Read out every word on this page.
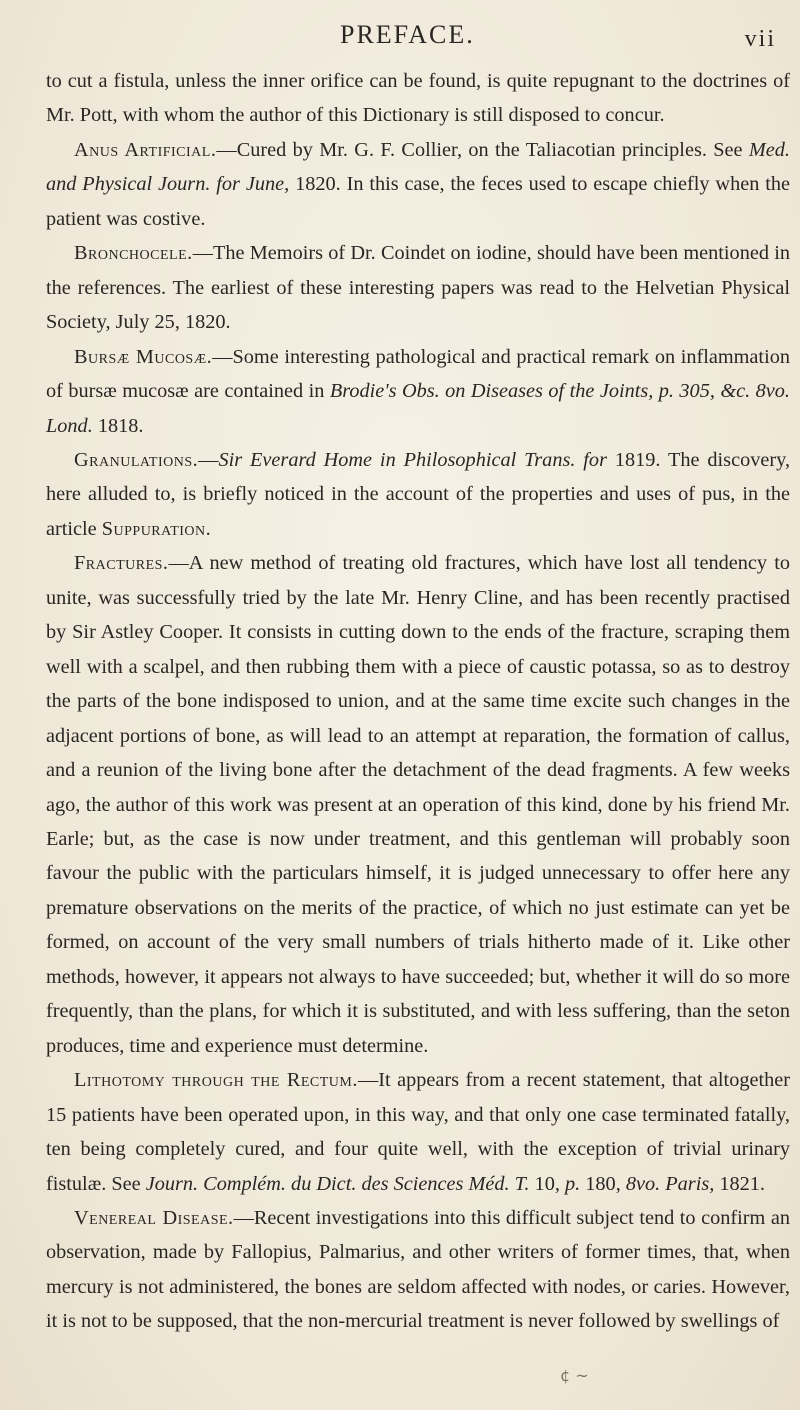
PREFACE.	vii

to cut a fistula, unless the inner orifice can be found, is quite repugnant to the doctrines of Mr. Pott, with whom the author of this Dictionary is still disposed to concur.

Anus Artificial.—Cured by Mr. G. F. Collier, on the Taliacotian principles. See Med. and Physical Journ. for June, 1820. In this case, the feces used to escape chiefly when the patient was costive.

Bronchocele.—The Memoirs of Dr. Coindet on iodine, should have been mentioned in the references. The earliest of these interesting papers was read to the Helvetian Physical Society, July 25, 1820.

Bursæ Mucosæ.—Some interesting pathological and practical remark on inflammation of bursæ mucosæ are contained in Brodie's Obs. on Diseases of the Joints, p. 305, &c. 8vo. Lond. 1818.

Granulations.—Sir Everard Home in Philosophical Trans. for 1819. The discovery, here alluded to, is briefly noticed in the account of the properties and uses of pus, in the article Suppuration.

Fractures.—A new method of treating old fractures, which have lost all tendency to unite, was successfully tried by the late Mr. Henry Cline, and has been recently practised by Sir Astley Cooper. It consists in cutting down to the ends of the fracture, scraping them well with a scalpel, and then rubbing them with a piece of caustic potassa, so as to destroy the parts of the bone indisposed to union, and at the same time excite such changes in the adjacent portions of bone, as will lead to an attempt at reparation, the formation of callus, and a reunion of the living bone after the detachment of the dead fragments. A few weeks ago, the author of this work was present at an operation of this kind, done by his friend Mr. Earle; but, as the case is now under treatment, and this gentleman will probably soon favour the public with the particulars himself, it is judged unnecessary to offer here any premature observations on the merits of the practice, of which no just estimate can yet be formed, on account of the very small numbers of trials hitherto made of it. Like other methods, however, it appears not always to have succeeded; but, whether it will do so more frequently, than the plans, for which it is substituted, and with less suffering, than the seton produces, time and experience must determine.

Lithotomy through the Rectum.—It appears from a recent statement, that altogether 15 patients have been operated upon, in this way, and that only one case terminated fatally, ten being completely cured, and four quite well, with the exception of trivial urinary fistulæ. See Journ. Complém. du Dict. des Sciences Méd. T. 10, p. 180, 8vo. Paris, 1821.

Venereal Disease.—Recent investigations into this difficult subject tend to confirm an observation, made by Fallopius, Palmarius, and other writers of former times, that, when mercury is not administered, the bones are seldom affected with nodes, or caries. However, it is not to be supposed, that the non-mercurial treatment is never followed by swellings of

¢ ~
